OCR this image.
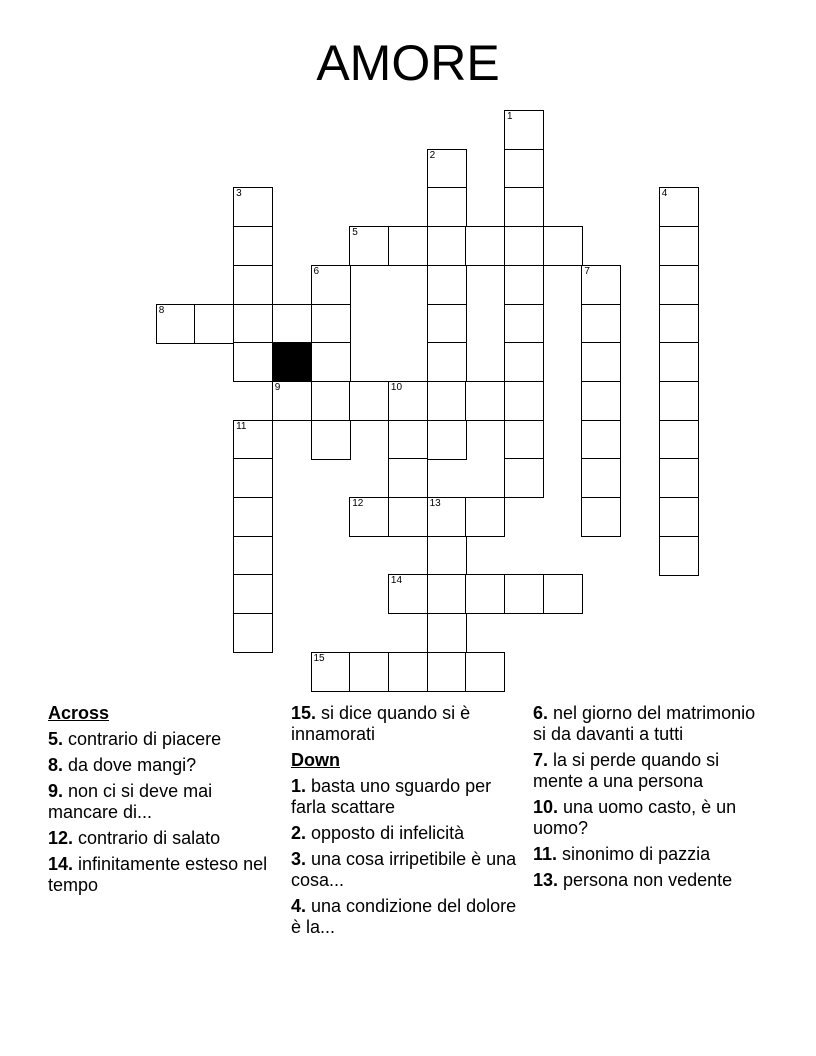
AMORE
1
2
3	4
5
6	7
8
9	10
11
12	13
14
15
Across
5. contrario di piacere
8. da dove mangi?
9. non ci si deve mai mancare di...
12. contrario di salato
14. infinitamente esteso nel tempo
15. si dice quando si è innamorati
Down
1. basta uno sguardo per farla scattare
2. opposto di infelicità
3. una cosa irripetibile è una cosa...
4. una condizione del dolore è la...
6. nel giorno del matrimonio si da davanti a tutti
7. la si perde quando si mente a una persona
10. una uomo casto, è un uomo?
11. sinonimo di pazzia
13. persona non vedente
